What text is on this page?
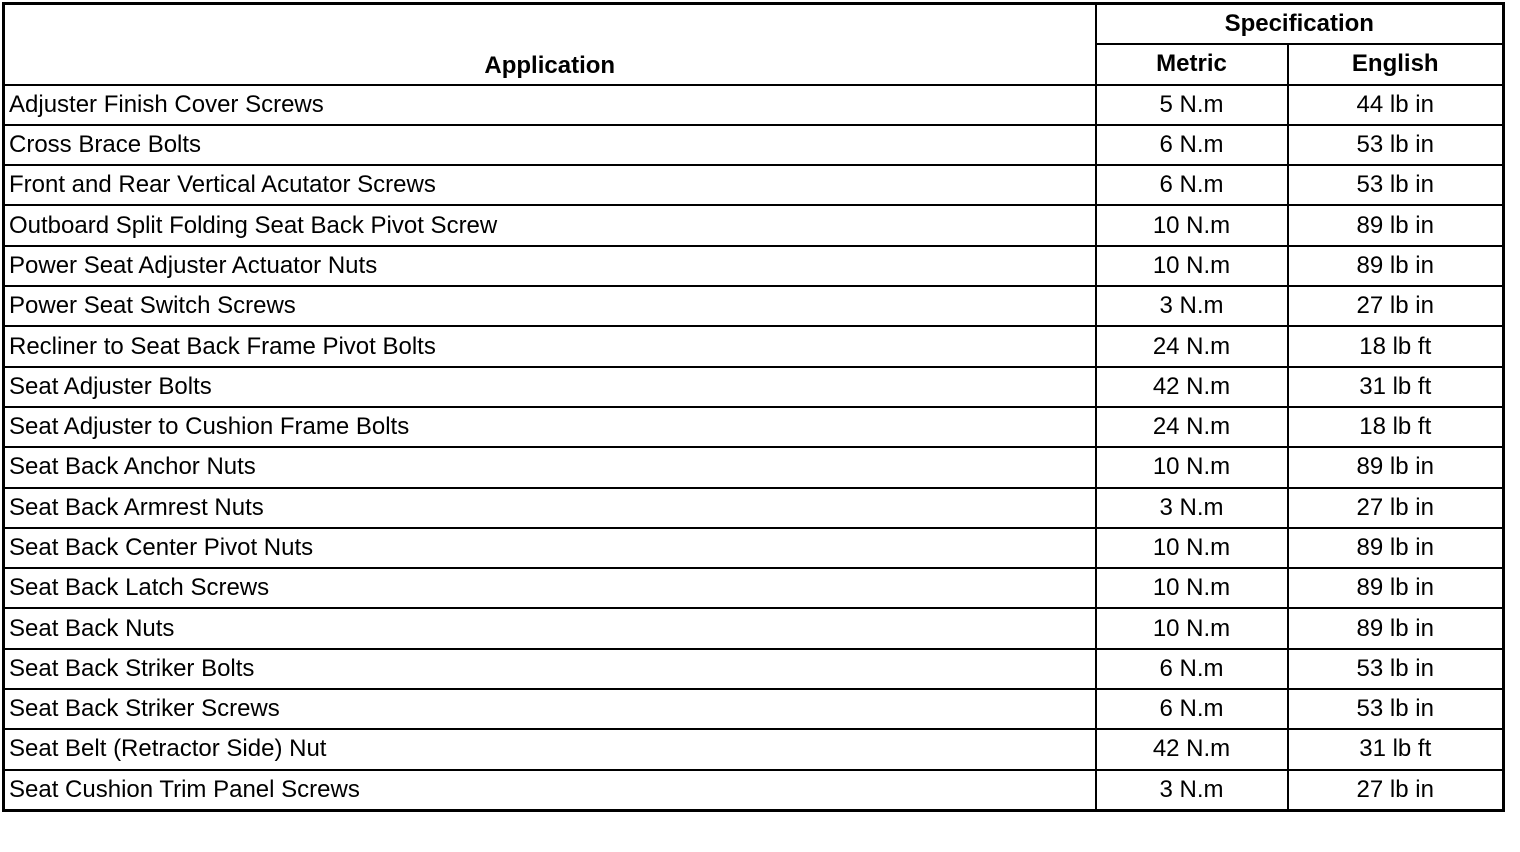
Application	Specification	
	Metric	English
Adjuster Finish Cover Screws	5 N.m	44 lb in
Cross Brace Bolts	6 N.m	53 lb in
Front and Rear Vertical Acutator Screws	6 N.m	53 lb in
Outboard Split Folding Seat Back Pivot Screw	10 N.m	89 lb in
Power Seat Adjuster Actuator Nuts	10 N.m	89 lb in
Power Seat Switch Screws	3 N.m	27 lb in
Recliner to Seat Back Frame Pivot Bolts	24 N.m	18 lb ft
Seat Adjuster Bolts	42 N.m	31 lb ft
Seat Adjuster to Cushion Frame Bolts	24 N.m	18 lb ft
Seat Back Anchor Nuts	10 N.m	89 lb in
Seat Back Armrest Nuts	3 N.m	27 lb in
Seat Back Center Pivot Nuts	10 N.m	89 lb in
Seat Back Latch Screws	10 N.m	89 lb in
Seat Back Nuts	10 N.m	89 lb in
Seat Back Striker Bolts	6 N.m	53 lb in
Seat Back Striker Screws	6 N.m	53 lb in
Seat Belt (Retractor Side) Nut	42 N.m	31 lb ft
Seat Cushion Trim Panel Screws	3 N.m	27 lb in
